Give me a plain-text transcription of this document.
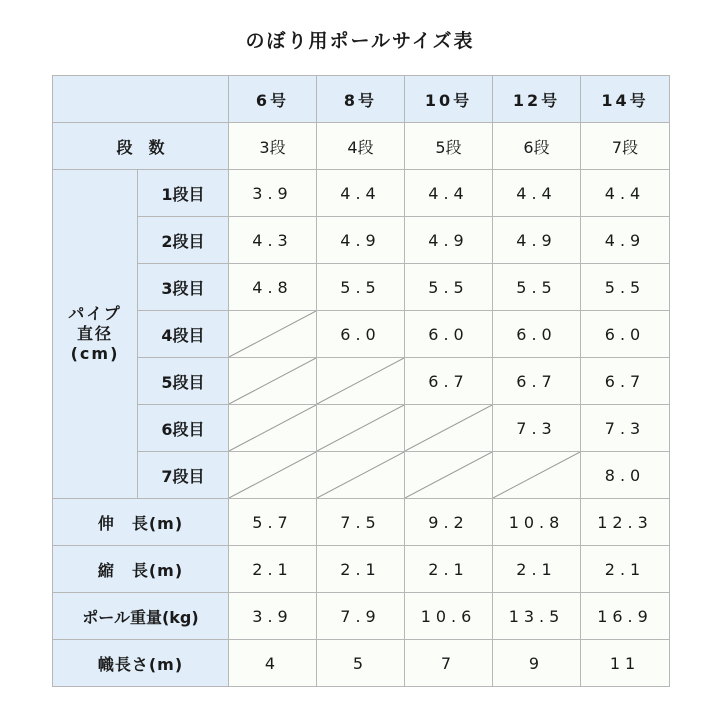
のぼり用ポールサイズ表
		6号	8号	10号	12号	14号
段　数		3段	4段	5段	6段	7段
パイプ
直径
(cm)	1段目	3.9	4.4	4.4	4.4	4.4
	2段目	4.3	4.9	4.9	4.9	4.9
	3段目	4.8	5.5	5.5	5.5	5.5
	4段目		6.0	6.0	6.0	6.0
	5段目			6.7	6.7	6.7
	6段目				7.3	7.3
	7段目					8.0
伸　長(m)		5.7	7.5	9.2	10.8	12.3
縮　長(m)		2.1	2.1	2.1	2.1	2.1
ポール重量(kg)		3.9	7.9	10.6	13.5	16.9
幟長さ(m)		4	5	7	9	11
